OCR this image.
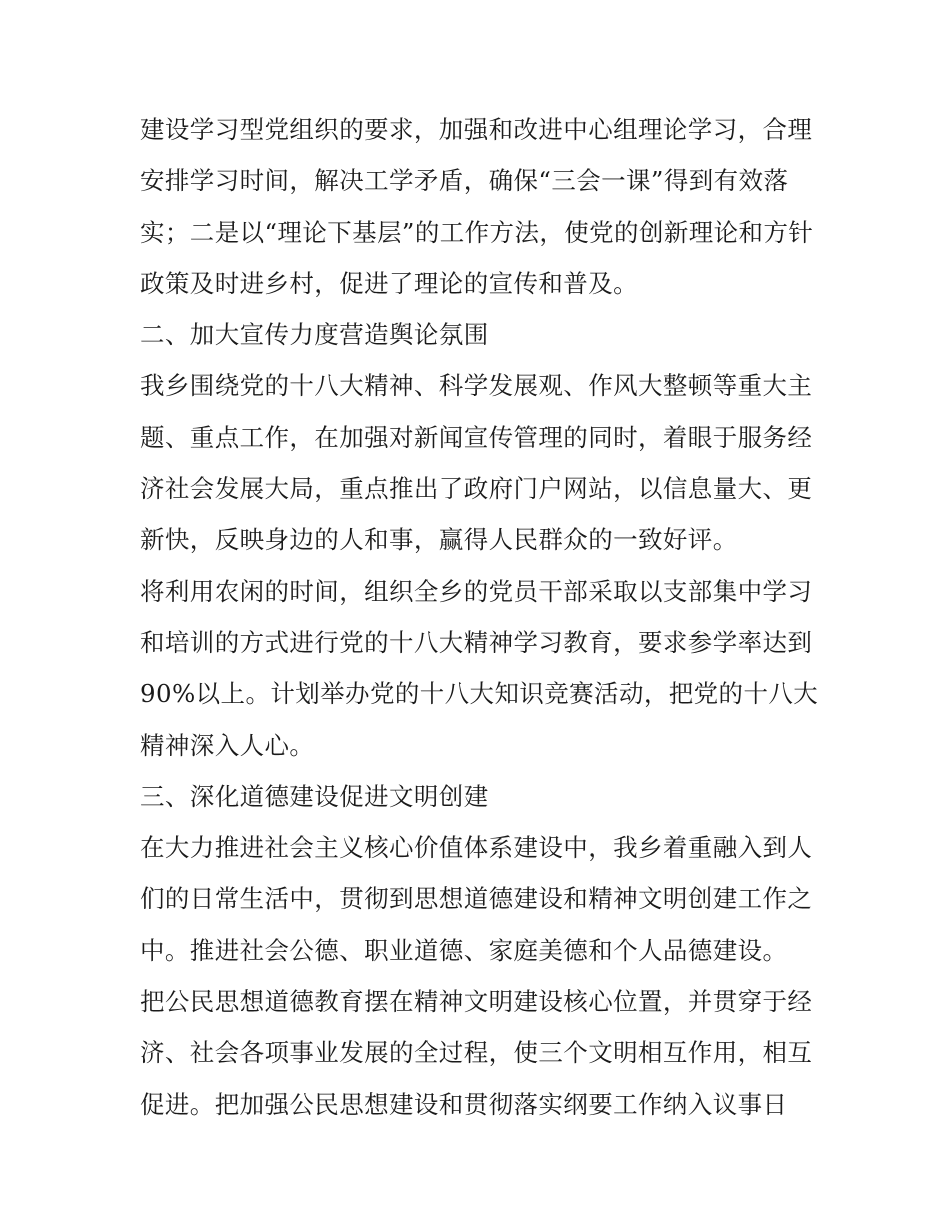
建设学习型党组织的要求，加强和改进中心组理论学习，合理
安排学习时间，解决工学矛盾，确保“三会一课”得到有效落
实；二是以“理论下基层”的工作方法，使党的创新理论和方针
政策及时进乡村，促进了理论的宣传和普及。
二、加大宣传力度营造舆论氛围
我乡围绕党的十八大精神、科学发展观、作风大整顿等重大主
题、重点工作，在加强对新闻宣传管理的同时，着眼于服务经
济社会发展大局，重点推出了政府门户网站，以信息量大、更
新快，反映身边的人和事，赢得人民群众的一致好评。
将利用农闲的时间，组织全乡的党员干部采取以支部集中学习
和培训的方式进行党的十八大精神学习教育，要求参学率达到
90%以上。计划举办党的十八大知识竞赛活动，把党的十八大
精神深入人心。
三、深化道德建设促进文明创建
在大力推进社会主义核心价值体系建设中，我乡着重融入到人
们的日常生活中，贯彻到思想道德建设和精神文明创建工作之
中。推进社会公德、职业道德、家庭美德和个人品德建设。
把公民思想道德教育摆在精神文明建设核心位置，并贯穿于经
济、社会各项事业发展的全过程，使三个文明相互作用，相互
促进。把加强公民思想建设和贯彻落实纲要工作纳入议事日
